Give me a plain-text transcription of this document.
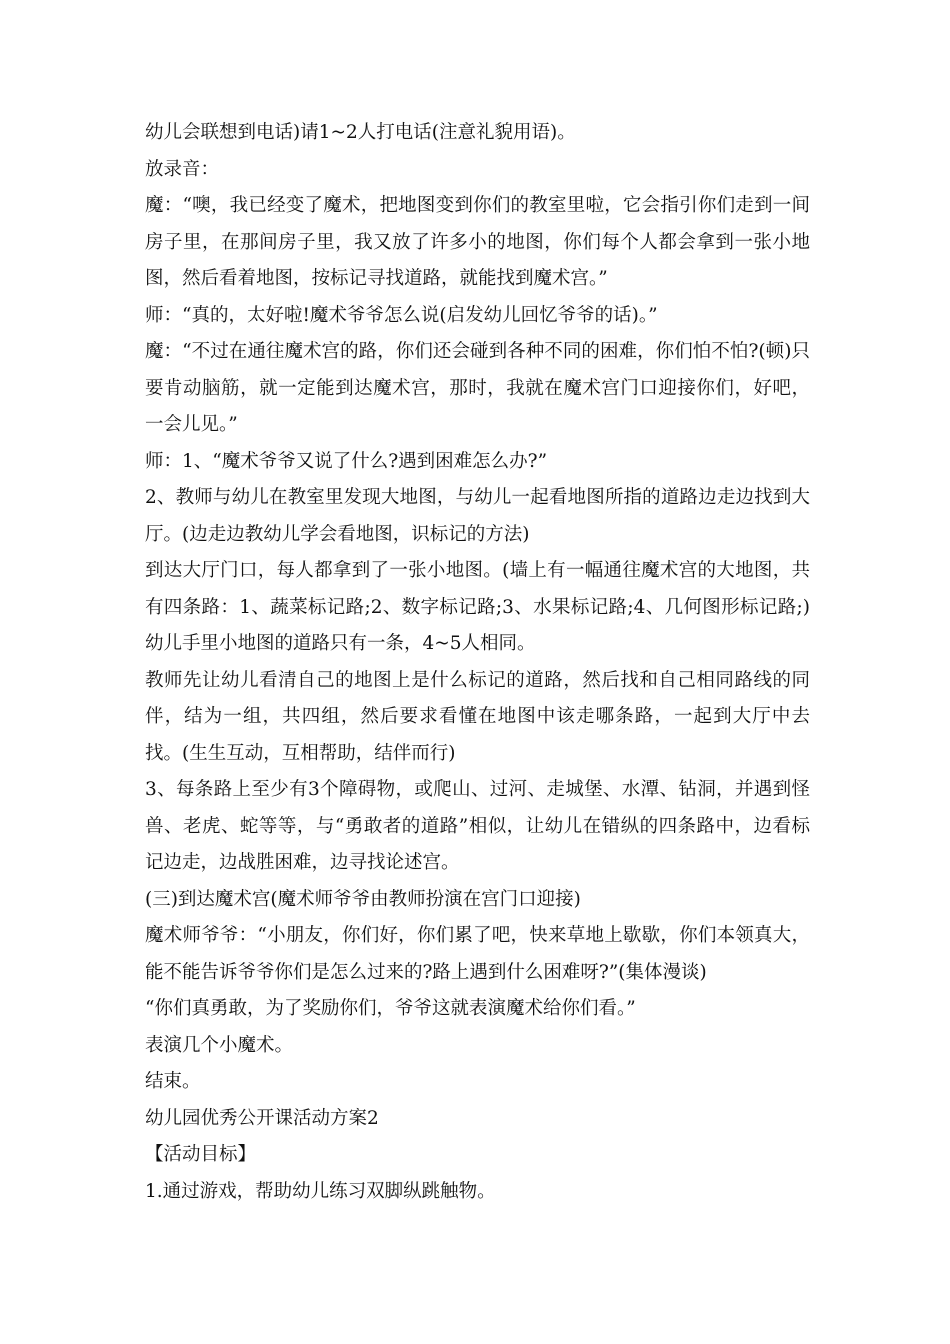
幼儿会联想到电话)请1~2人打电话(注意礼貌用语)。

放录音：

魔：“噢，我已经变了魔术，把地图变到你们的教室里啦，它会指引你们走到一间房子里，在那间房子里，我又放了许多小的地图，你们每个人都会拿到一张小地图，然后看着地图，按标记寻找道路，就能找到魔术宫。”

师：“真的，太好啦!魔术爷爷怎么说(启发幼儿回忆爷爷的话)。”

魔：“不过在通往魔术宫的路，你们还会碰到各种不同的困难，你们怕不怕?(顿)只要肯动脑筋，就一定能到达魔术宫，那时，我就在魔术宫门口迎接你们，好吧，一会儿见。”

师：1、“魔术爷爷又说了什么?遇到困难怎么办?”

2、教师与幼儿在教室里发现大地图，与幼儿一起看地图所指的道路边走边找到大厅。(边走边教幼儿学会看地图，识标记的方法)

到达大厅门口，每人都拿到了一张小地图。(墙上有一幅通往魔术宫的大地图，共有四条路：1、蔬菜标记路;2、数字标记路;3、水果标记路;4、几何图形标记路;)幼儿手里小地图的道路只有一条，4~5人相同。

教师先让幼儿看清自己的地图上是什么标记的道路，然后找和自己相同路线的同伴，结为一组，共四组，然后要求看懂在地图中该走哪条路，一起到大厅中去找。(生生互动，互相帮助，结伴而行)

3、每条路上至少有3个障碍物，或爬山、过河、走城堡、水潭、钻洞，并遇到怪兽、老虎、蛇等等，与“勇敢者的道路”相似，让幼儿在错纵的四条路中，边看标记边走，边战胜困难，边寻找论述宫。

(三)到达魔术宫(魔术师爷爷由教师扮演在宫门口迎接)

魔术师爷爷：“小朋友，你们好，你们累了吧，快来草地上歇歇，你们本领真大，能不能告诉爷爷你们是怎么过来的?路上遇到什么困难呀?”(集体漫谈)

“你们真勇敢，为了奖励你们，爷爷这就表演魔术给你们看。”

表演几个小魔术。

结束。

幼儿园优秀公开课活动方案2

【活动目标】

1.通过游戏，帮助幼儿练习双脚纵跳触物。
